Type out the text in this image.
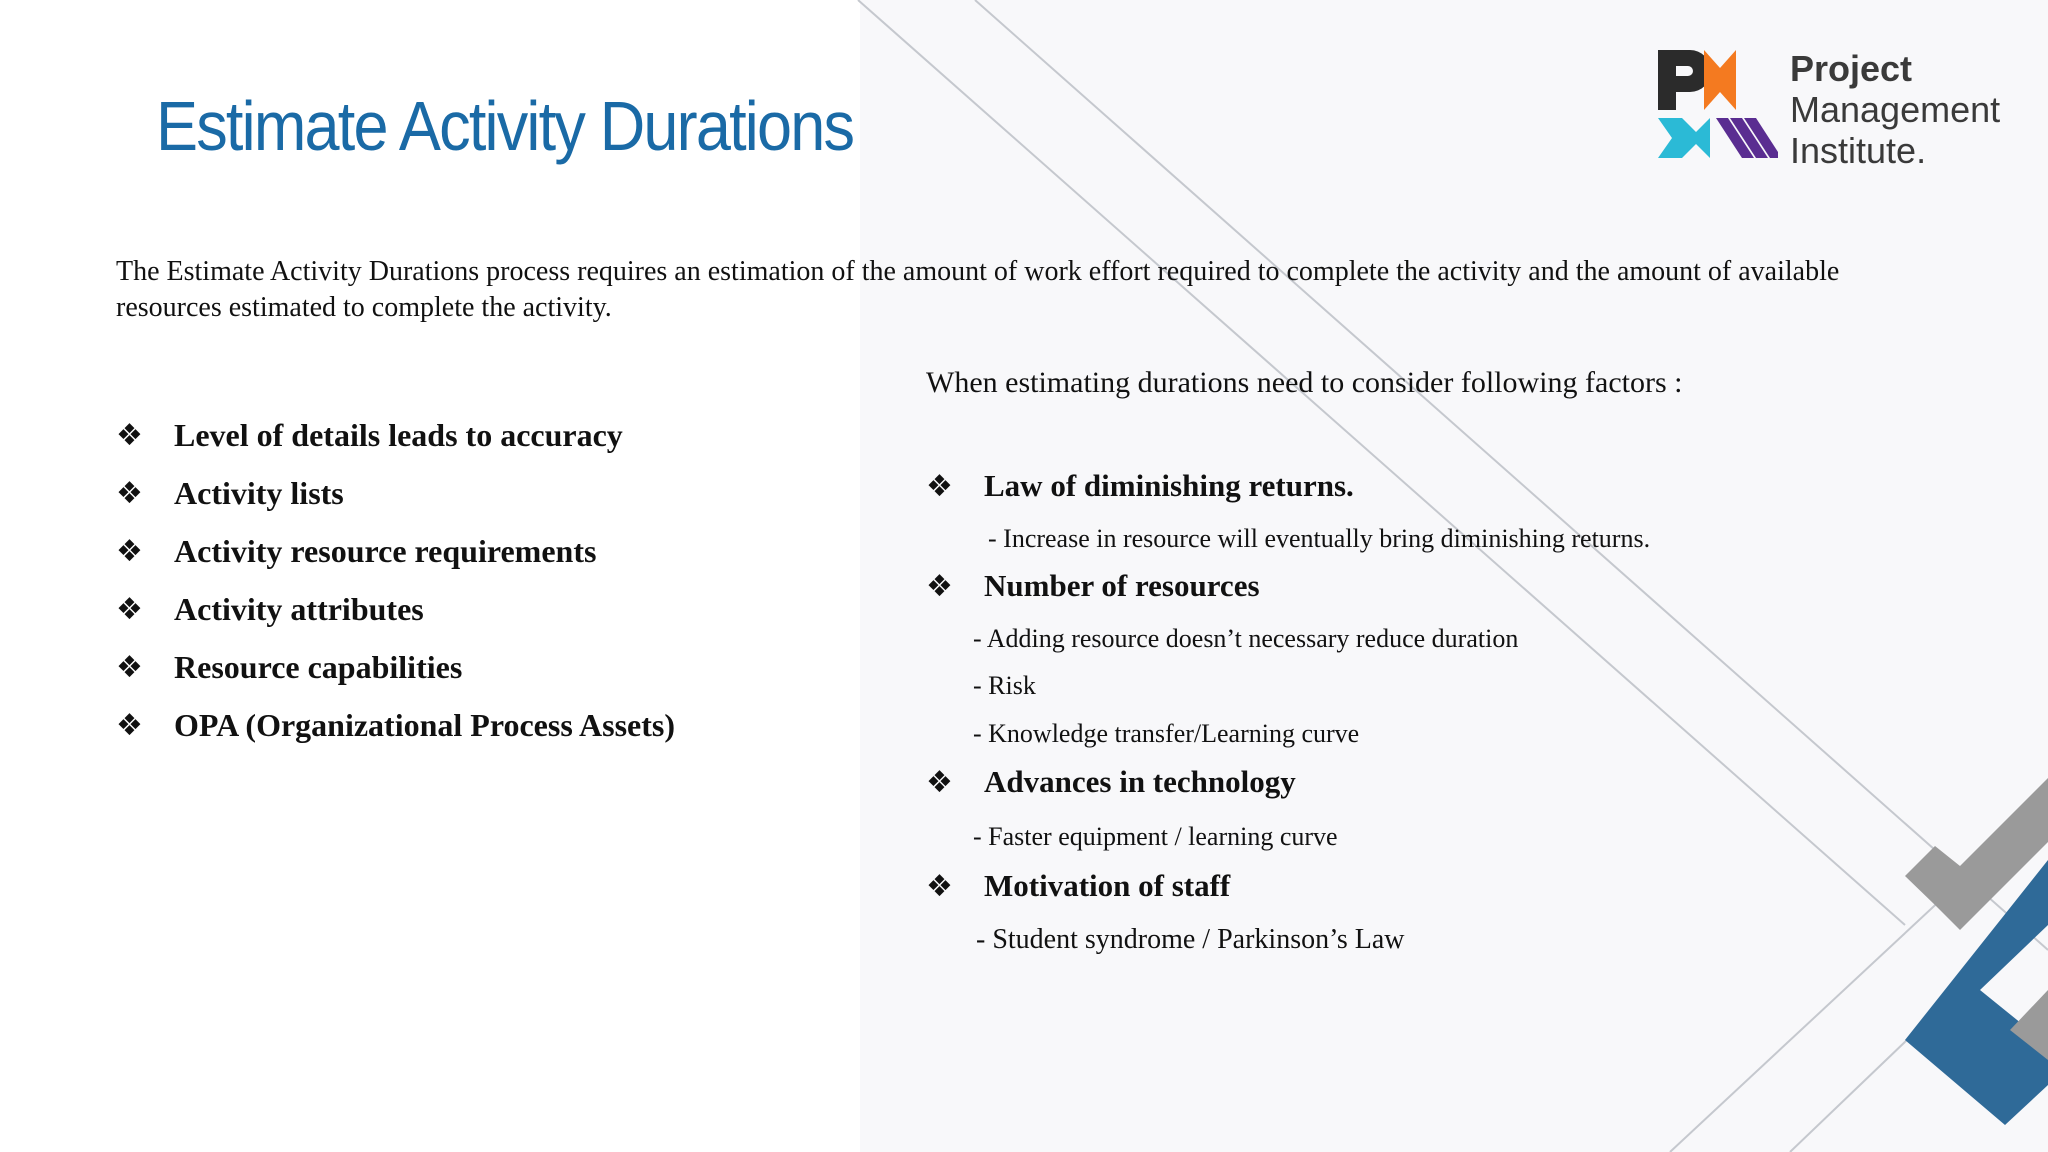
Estimate Activity Durations
Project
Management
Institute.
The Estimate Activity Durations process requires an estimation of the amount of work effort required to complete the activity and the amount of available resources estimated to complete the activity.
❖ Level of details leads to accuracy
❖ Activity lists
❖ Activity resource requirements
❖ Activity attributes
❖ Resource capabilities
❖ OPA (Organizational Process Assets)
When estimating durations need to consider following factors :
❖	Law of diminishing returns.
- Increase in resource will eventually bring diminishing returns.
❖	Number of resources
- Adding resource doesn’t necessary reduce duration
- Risk
- Knowledge transfer/Learning curve
❖	Advances in technology
- Faster equipment / learning curve
❖	Motivation of staff
- Student syndrome / Parkinson’s Law
